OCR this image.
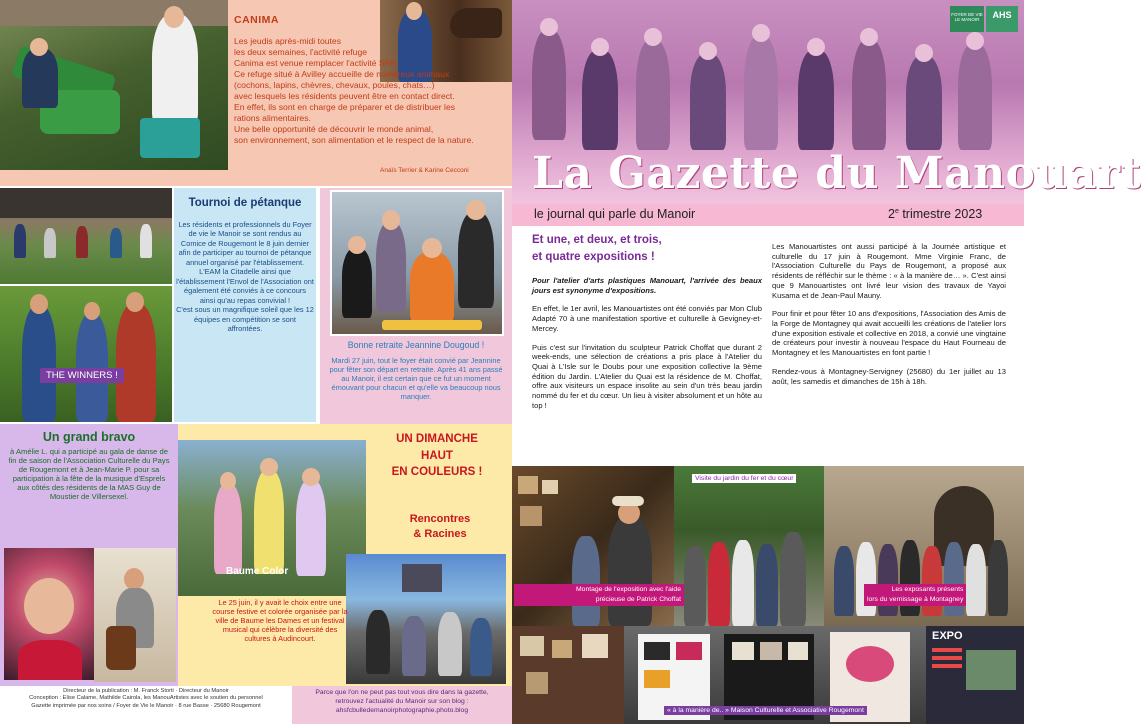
CANIMA

Les jeudis après-midi toutes

les deux semaines, l'activité refuge

Canima est venue remplacer l'activité SPA.

Ce refuge situé à Avilley accueille de nombreux animaux

(cochons, lapins, chèvres, chevaux, poules, chats…)

avec lesquels les résidents peuvent être en contact direct.

En effet, ils sont en charge de préparer et de distribuer les

rations alimentaires.

Une belle opportunité de découvrir le monde animal,

son environnement, son alimentation et le respect de la nature.

Anaïs Terrier & Karine Cecconi
THE WINNERS !
Tournoi de pétanque

Les résidents et professionnels du Foyer de vie le Manoir se sont rendus au Comice de Rougemont le 8 juin dernier afin de participer au tournoi de pétanque annuel organisé par l'établissement.

L'EAM la Citadelle ainsi que l'établissement l'Envol de l'Association ont également été conviés à ce concours ainsi qu'au repas convivial !

C'est sous un magnifique soleil que les 12 équipes en compétition se sont affrontées.

Bonne retraite Jeannine Dougoud !
Mardi 27 juin, tout le foyer était convié par Jeannine pour fêter son départ en retraite. Après 41 ans passé au Manoir, il est certain que ce fut un moment émouvant pour chacun et qu'elle va beaucoup nous manquer.
Un grand bravo
à Amélie L. qui a participé au gala de danse de fin de saison de l'Association Culturelle du Pays de Rougemont et à Jean-Marie P. pour sa participation à la fête de la musique d'Esprels aux côtés des résidents de la MAS Guy de Moustier de Villersexel.
Baume Color
UN DIMANCHE
HAUT
EN COULEURS !
Rencontres
& Racines
Le 25 juin, il y avait le choix entre une course festive et colorée organisée par la ville de Baume les Dames et un festival musical qui célèbre la diversité des cultures à Audincourt.
Directeur de la publication : M. Franck Storti · Directeur du Manoir
Conception : Elise Calame, Mathilde Cairola, les ManouArtistes avec le soutien du personnel
Gazette imprimée par nos soins / Foyer de Vie le Manoir · 8 rue Basse · 25680 Rougemont
Parce que l'on ne peut pas tout vous dire dans la gazette,
retrouvez l'actualité du Manoir sur son blog :
ahsfcbulledemanoirphotographie.photo.blog
FOYER DE VIE LE MANOIR	AHS
La Gazette du Manouart
le journal qui parle du Manoir	2e trimestre 2023
Et une, et deux, et trois,
et quatre expositions !

Pour l'atelier d'arts plastiques Manouart, l'arrivée des beaux jours est synonyme d'expositions.

En effet, le 1er avril, les Manouartistes ont été conviés par Mon Club Adapté 70 à une manifestation sportive et culturelle à Gevigney-et-Mercey.

Puis c'est sur l'invitation du sculpteur Patrick Choffat que durant 2 week-ends, une sélection de créations a pris place à l'Atelier du Quai à L'Isle sur le Doubs pour une exposition collective la 9ème édition du Jardin. L'Atelier du Quai est la résidence de M. Choffat, offre aux visiteurs un espace insolite au sein d'un très beau jardin nommé du fer et du cœur. Un lieu à visiter absolument et un hôte au top !

Les Manouartistes ont aussi participé à la Journée artistique et culturelle du 17 juin à Rougemont. Mme Virginie Franc, de l'Association Culturelle du Pays de Rougemont, a proposé aux résidents de réfléchir sur le thème : « à la manière de… ». C'est ainsi que 9 Manouartistes ont livré leur vision des travaux de Yayoi Kusama et de Jean-Paul Mauny.

Pour finir et pour fêter 10 ans d'expositions, l'Association des Amis de la Forge de Montagney qui avait accueilli les créations de l'atelier lors d'une exposition estivale et collective en 2018, a convié une vingtaine de créateurs pour investir à nouveau l'espace du Haut Fourneau de Montagney et les Manouartistes en font partie !

Rendez-vous à Montagney-Servigney (25680) du 1er juillet au 13 août, les samedis et dimanches de 15h à 18h.

EXPO
Visite du jardin du fer et du cœur
Montage de l'exposition avec l'aide
précieuse de Patrick Choffat
Les exposants présents
lors du vernissage à Montagney
« à la manière de.. » Maison Culturelle et Associative Rougemont
